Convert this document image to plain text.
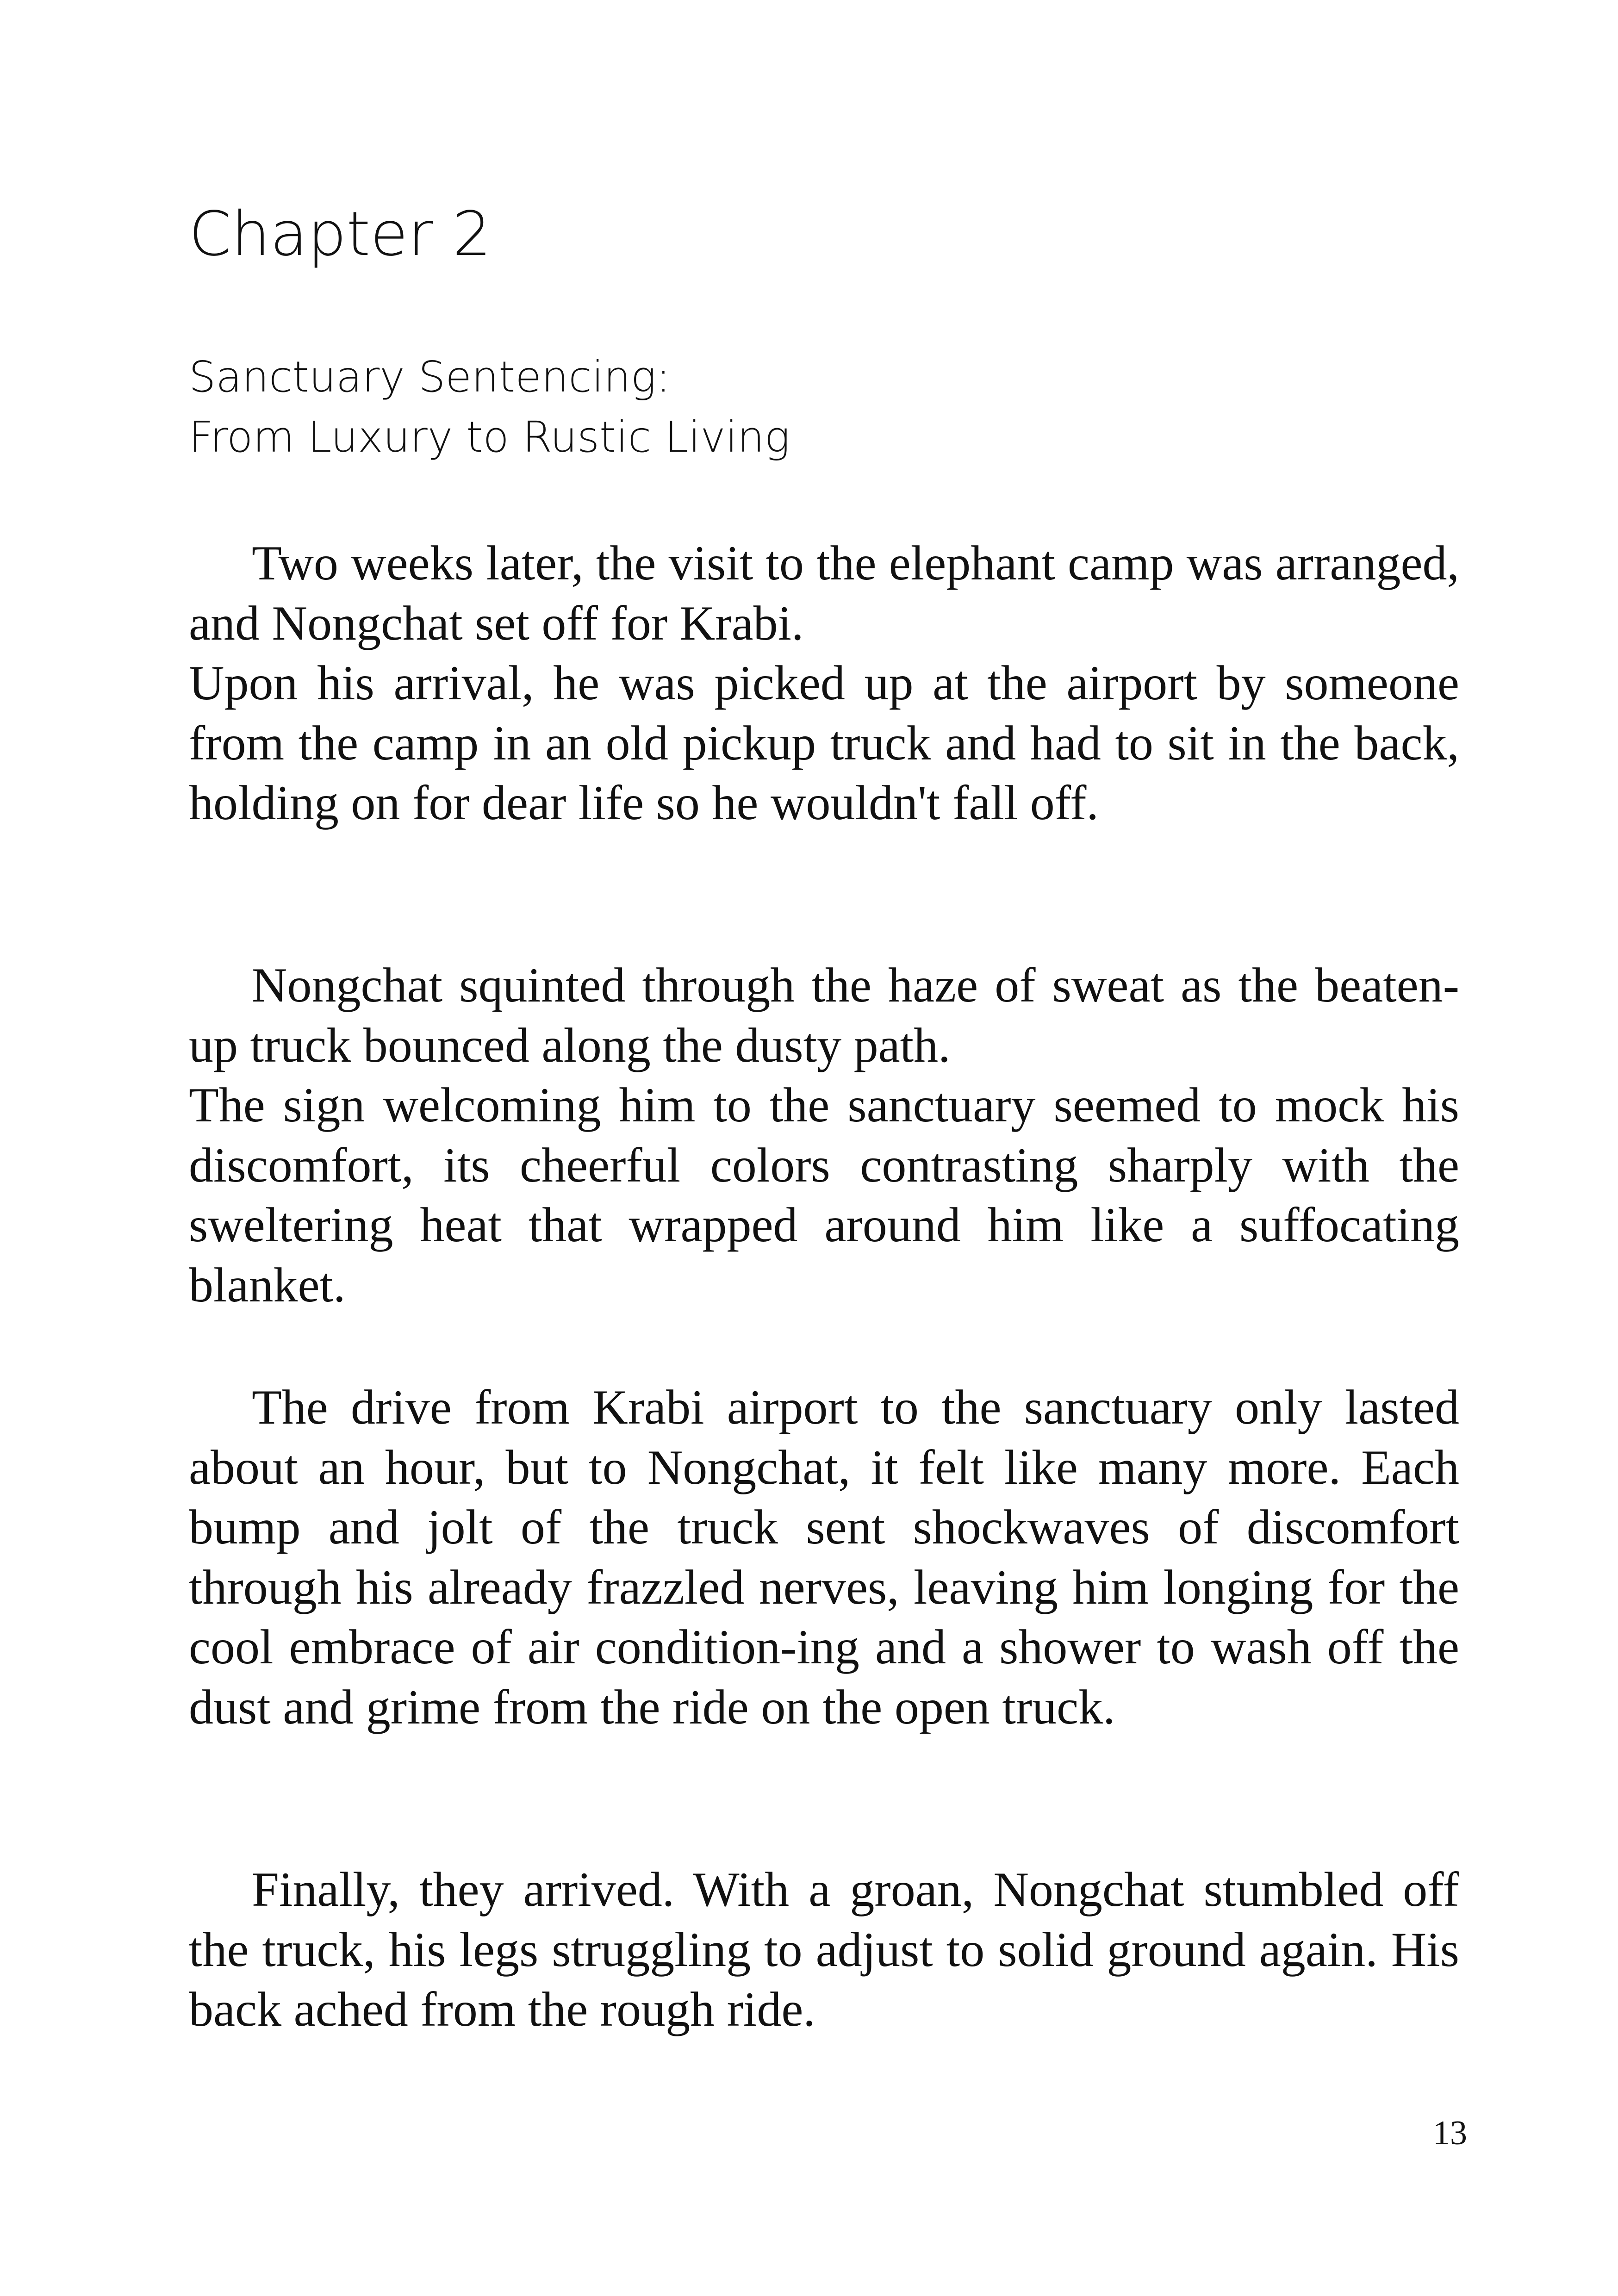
Chapter 2
Sanctuary Sentencing:
From Luxury to Rustic Living
Two weeks later, the visit to the elephant camp was arranged, and Nongchat set off for Krabi.
Upon his arrival, he was picked up at the airport by someone from the camp in an old pickup truck and had to sit in the back, holding on for dear life so he wouldn't fall off.
Nongchat squinted through the haze of sweat as the beaten-up truck bounced along the dusty path.
The sign welcoming him to the sanctuary seemed to mock his discomfort, its cheerful colors contrasting sharply with the sweltering heat that wrapped around him like a suffocating blanket.
The drive from Krabi airport to the sanctuary only lasted about an hour, but to Nongchat, it felt like many more. Each bump and jolt of the truck sent shockwaves of discomfort through his already frazzled nerves, leaving him longing for the cool embrace of air condition-ing and a shower to wash off the dust and grime from the ride on the open truck.
Finally, they arrived. With a groan, Nongchat stumbled off the truck, his legs struggling to adjust to solid ground again. His back ached from the rough ride.
13
